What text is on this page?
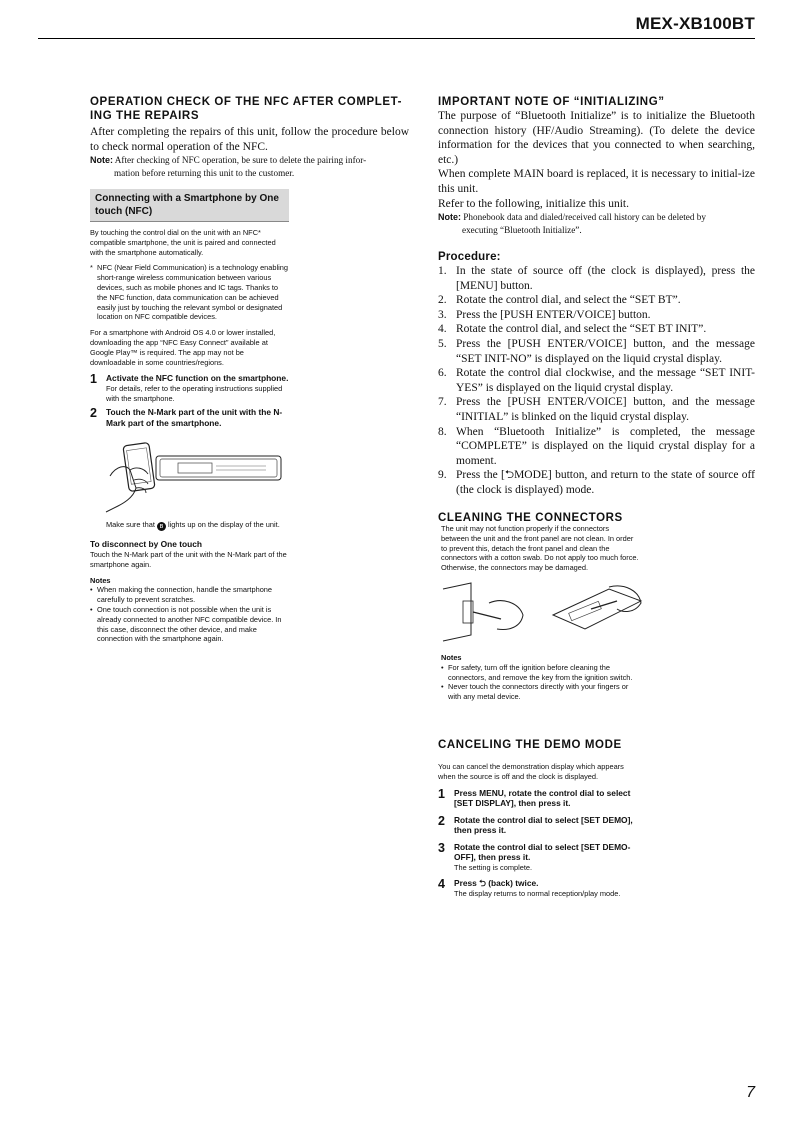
MEX-XB100BT

OPERATION CHECK OF THE NFC AFTER COMPLET-
ING THE REPAIRS

After completing the repairs of this unit, follow the procedure below to check normal operation of the NFC.

Note: After checking of NFC operation, be sure to delete the pairing infor-
mation before returning this unit to the customer.

Connecting with a Smartphone by One
touch (NFC)

By touching the control dial on the unit with an NFC* compatible smartphone, the unit is paired and connected with the smartphone automatically.

* NFC (Near Field Communication) is a technology enabling short-range wireless communication between various devices, such as mobile phones and IC tags. Thanks to the NFC function, data communication can be achieved easily just by touching the relevant symbol or designated location on NFC compatible devices.

For a smartphone with Android OS 4.0 or lower installed, downloading the app “NFC Easy Connect” available at Google Play™ is required. The app may not be downloadable in some countries/regions.

1	Activate the NFC function on the smartphone.

For details, refer to the operating instructions supplied with the smartphone.

2	Touch the N-Mark part of the unit with the N-Mark part of the smartphone.

Make sure that ʙ lights up on the display of the unit.

To disconnect by One touch

Touch the N-Mark part of the unit with the N-Mark part of the smartphone again.

Notes

• When making the connection, handle the smartphone carefully to prevent scratches.
• One touch connection is not possible when the unit is already connected to another NFC compatible device. In this case, disconnect the other device, and make connection with the smartphone again.

IMPORTANT NOTE OF “INITIALIZING”

The purpose of “Bluetooth Initialize” is to initialize the Bluetooth connection history (HF/Audio Streaming). (To delete the device information for the devices that you connected to when searching, etc.)

When complete MAIN board is replaced, it is necessary to initial-ize this unit.

Refer to the following, initialize this unit.

Note: Phonebook data and dialed/received call history can be deleted by
executing “Bluetooth Initialize”.

Procedure:

1. In the state of source off (the clock is displayed), press the [MENU] button.
2. Rotate the control dial, and select the “SET BT”.
3. Press the [PUSH ENTER/VOICE] button.
4. Rotate the control dial, and select the “SET BT INIT”.
5. Press the [PUSH ENTER/VOICE] button, and the message “SET INIT-NO” is displayed on the liquid crystal display.
6. Rotate the control dial clockwise, and the message “SET INIT-YES” is displayed on the liquid crystal display.
7. Press the [PUSH ENTER/VOICE] button, and the message “INITIAL” is blinked on the liquid crystal display.
8. When “Bluetooth Initialize” is completed, the message “COMPLETE” is displayed on the liquid crystal display for a moment.
9. Press the [⮌MODE] button, and return to the state of source off (the clock is displayed) mode.

CLEANING THE CONNECTORS

The unit may not function properly if the connectors between the unit and the front panel are not clean. In order to prevent this, detach the front panel and clean the connectors with a cotton swab. Do not apply too much force. Otherwise, the connectors may be damaged.

Notes

• For safety, turn off the ignition before cleaning the connectors, and remove the key from the ignition switch.
• Never touch the connectors directly with your fingers or with any metal device.

CANCELING THE DEMO MODE

You can cancel the demonstration display which appears when the source is off and the clock is displayed.

1	Press MENU, rotate the control dial to select [SET DISPLAY], then press it.

2	Rotate the control dial to select [SET DEMO], then press it.

3	Rotate the control dial to select [SET DEMO-OFF], then press it.

The setting is complete.

4	Press ⮌ (back) twice.

The display returns to normal reception/play mode.

7
